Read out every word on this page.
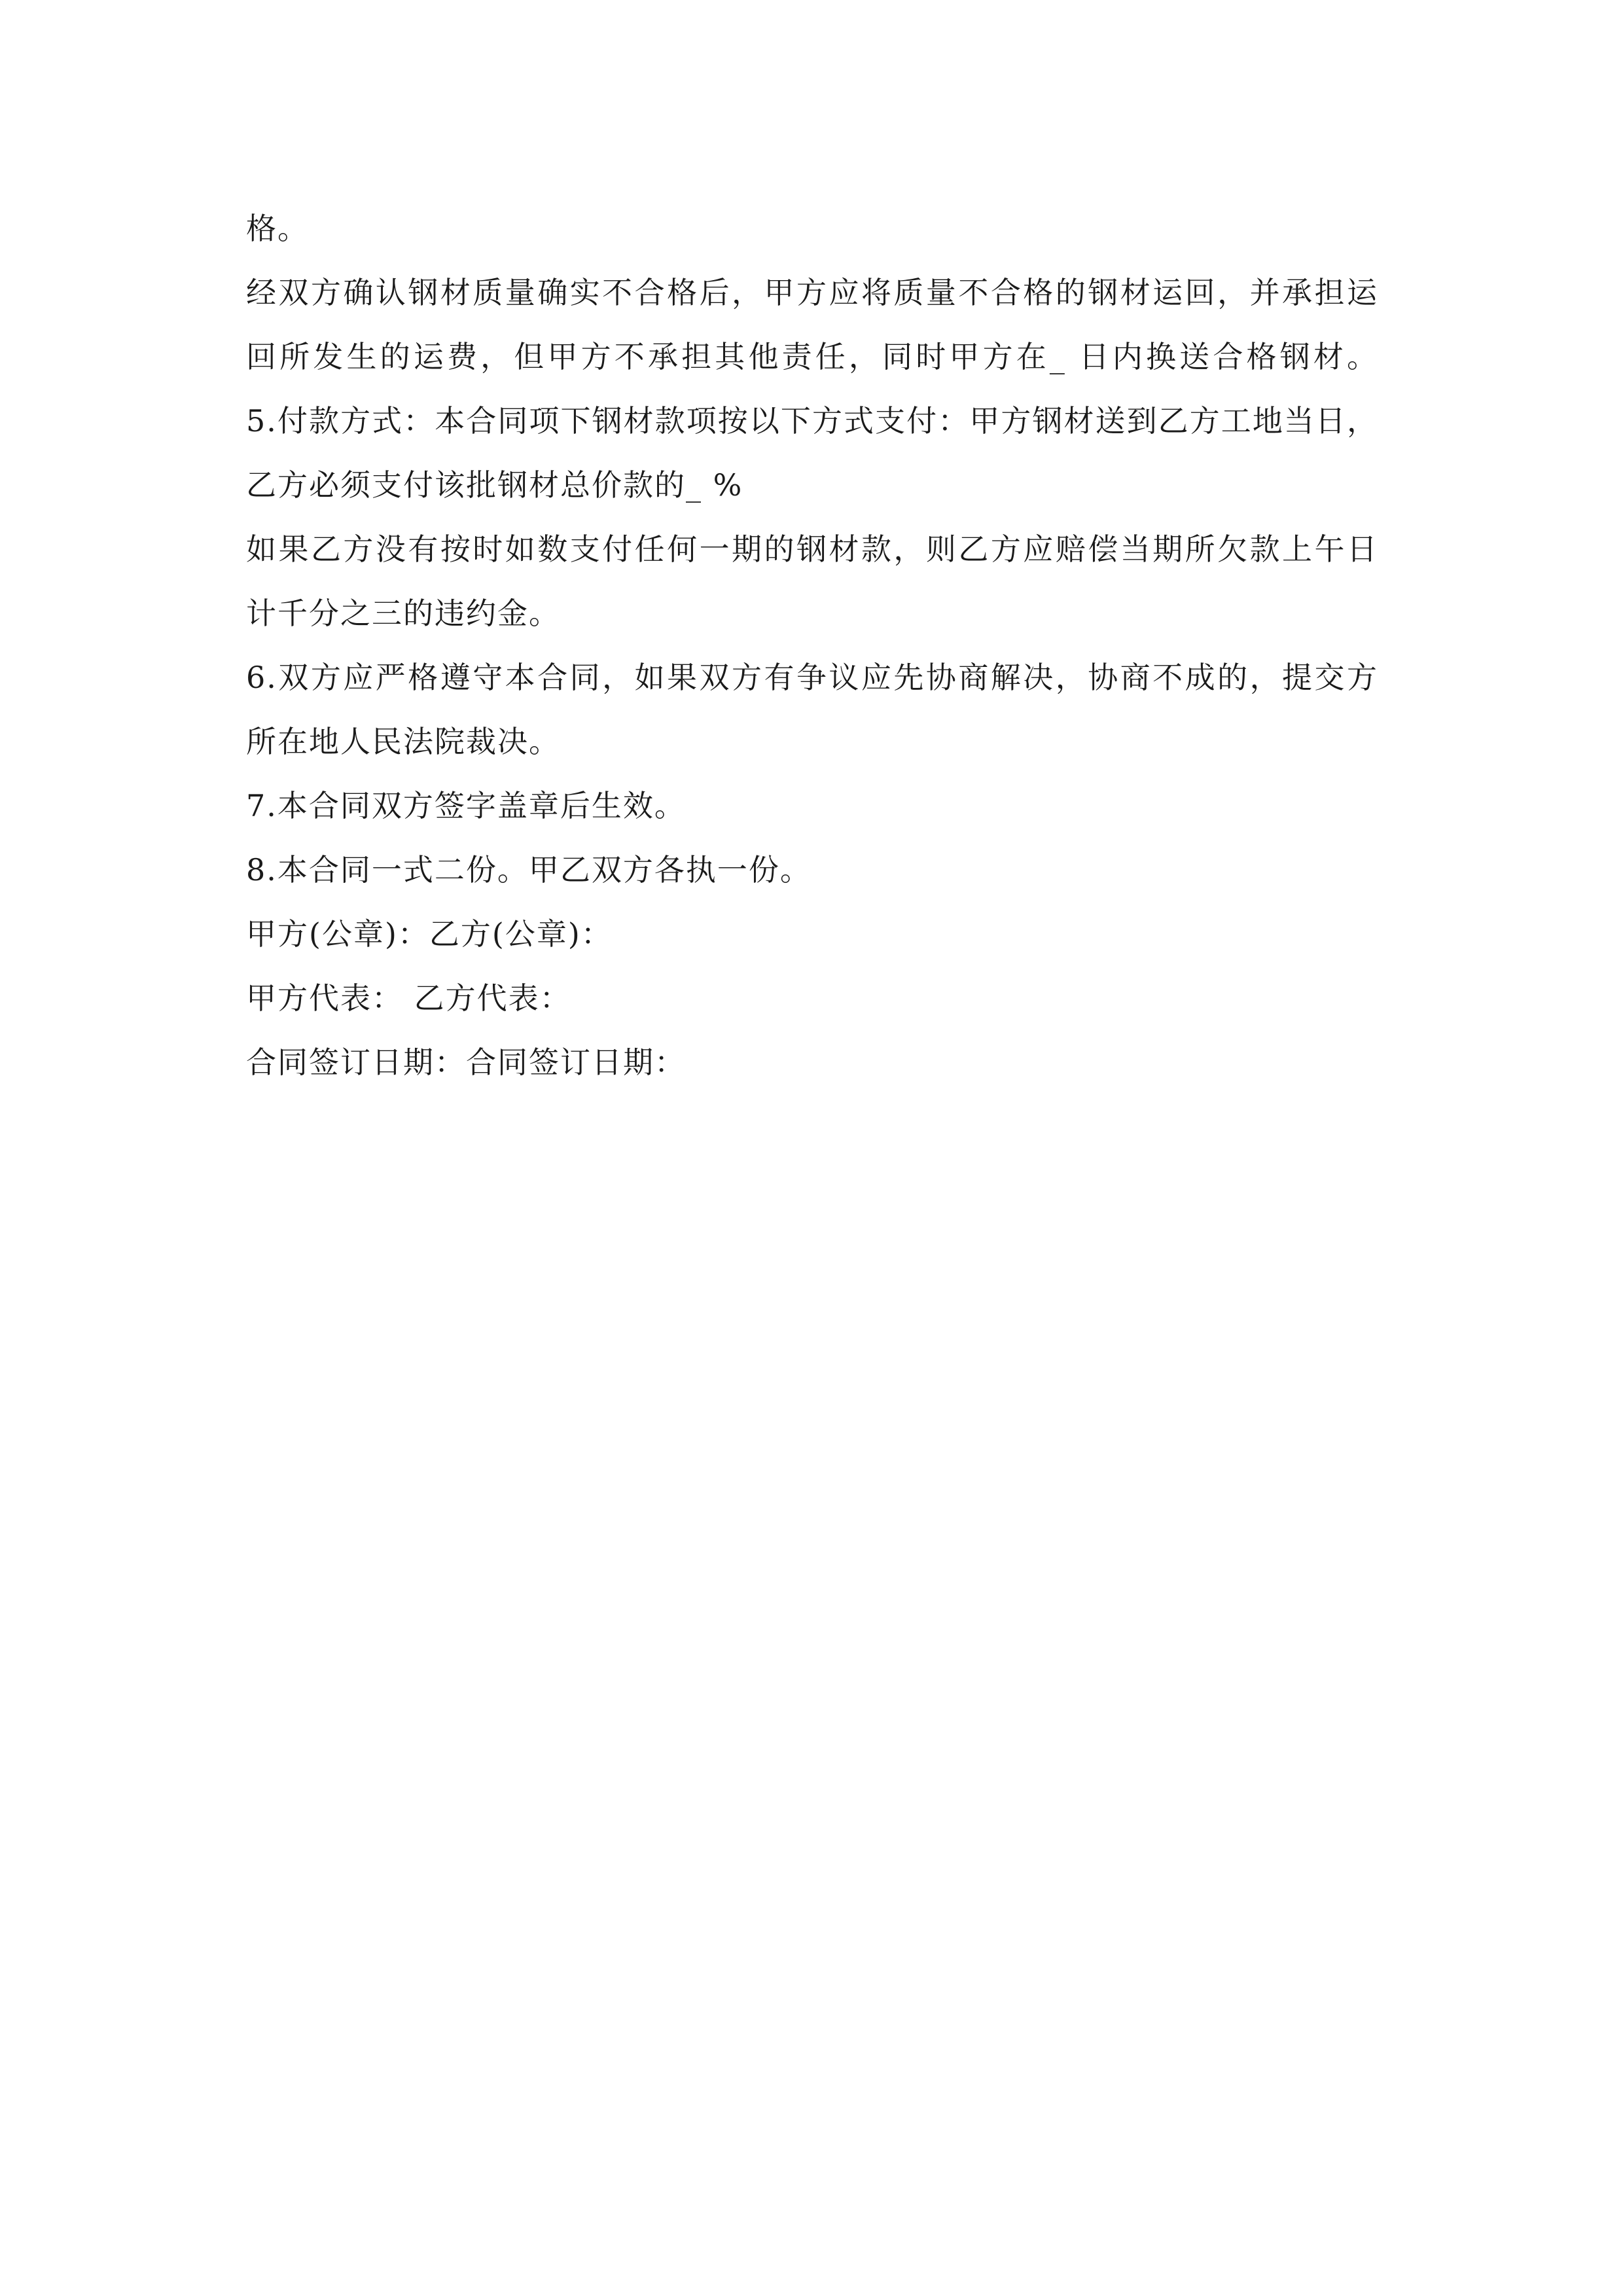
格。
经双方确认钢材质量确实不合格后，甲方应将质量不合格的钢材运回，并承担运
回所发生的运费，但甲方不承担其他责任，同时甲方在_ 日内换送合格钢材。
5.付款方式：本合同项下钢材款项按以下方式支付：甲方钢材送到乙方工地当日，
乙方必须支付该批钢材总价款的_ %
如果乙方没有按时如数支付任何一期的钢材款，则乙方应赔偿当期所欠款上午日
计千分之三的违约金。
6.双方应严格遵守本合同，如果双方有争议应先协商解决，协商不成的，提交方
所在地人民法院裁决。
7.本合同双方签字盖章后生效。
8.本合同一式二份。甲乙双方各执一份。
甲方(公章)：乙方(公章)：
甲方代表： 乙方代表：
合同签订日期：合同签订日期：
